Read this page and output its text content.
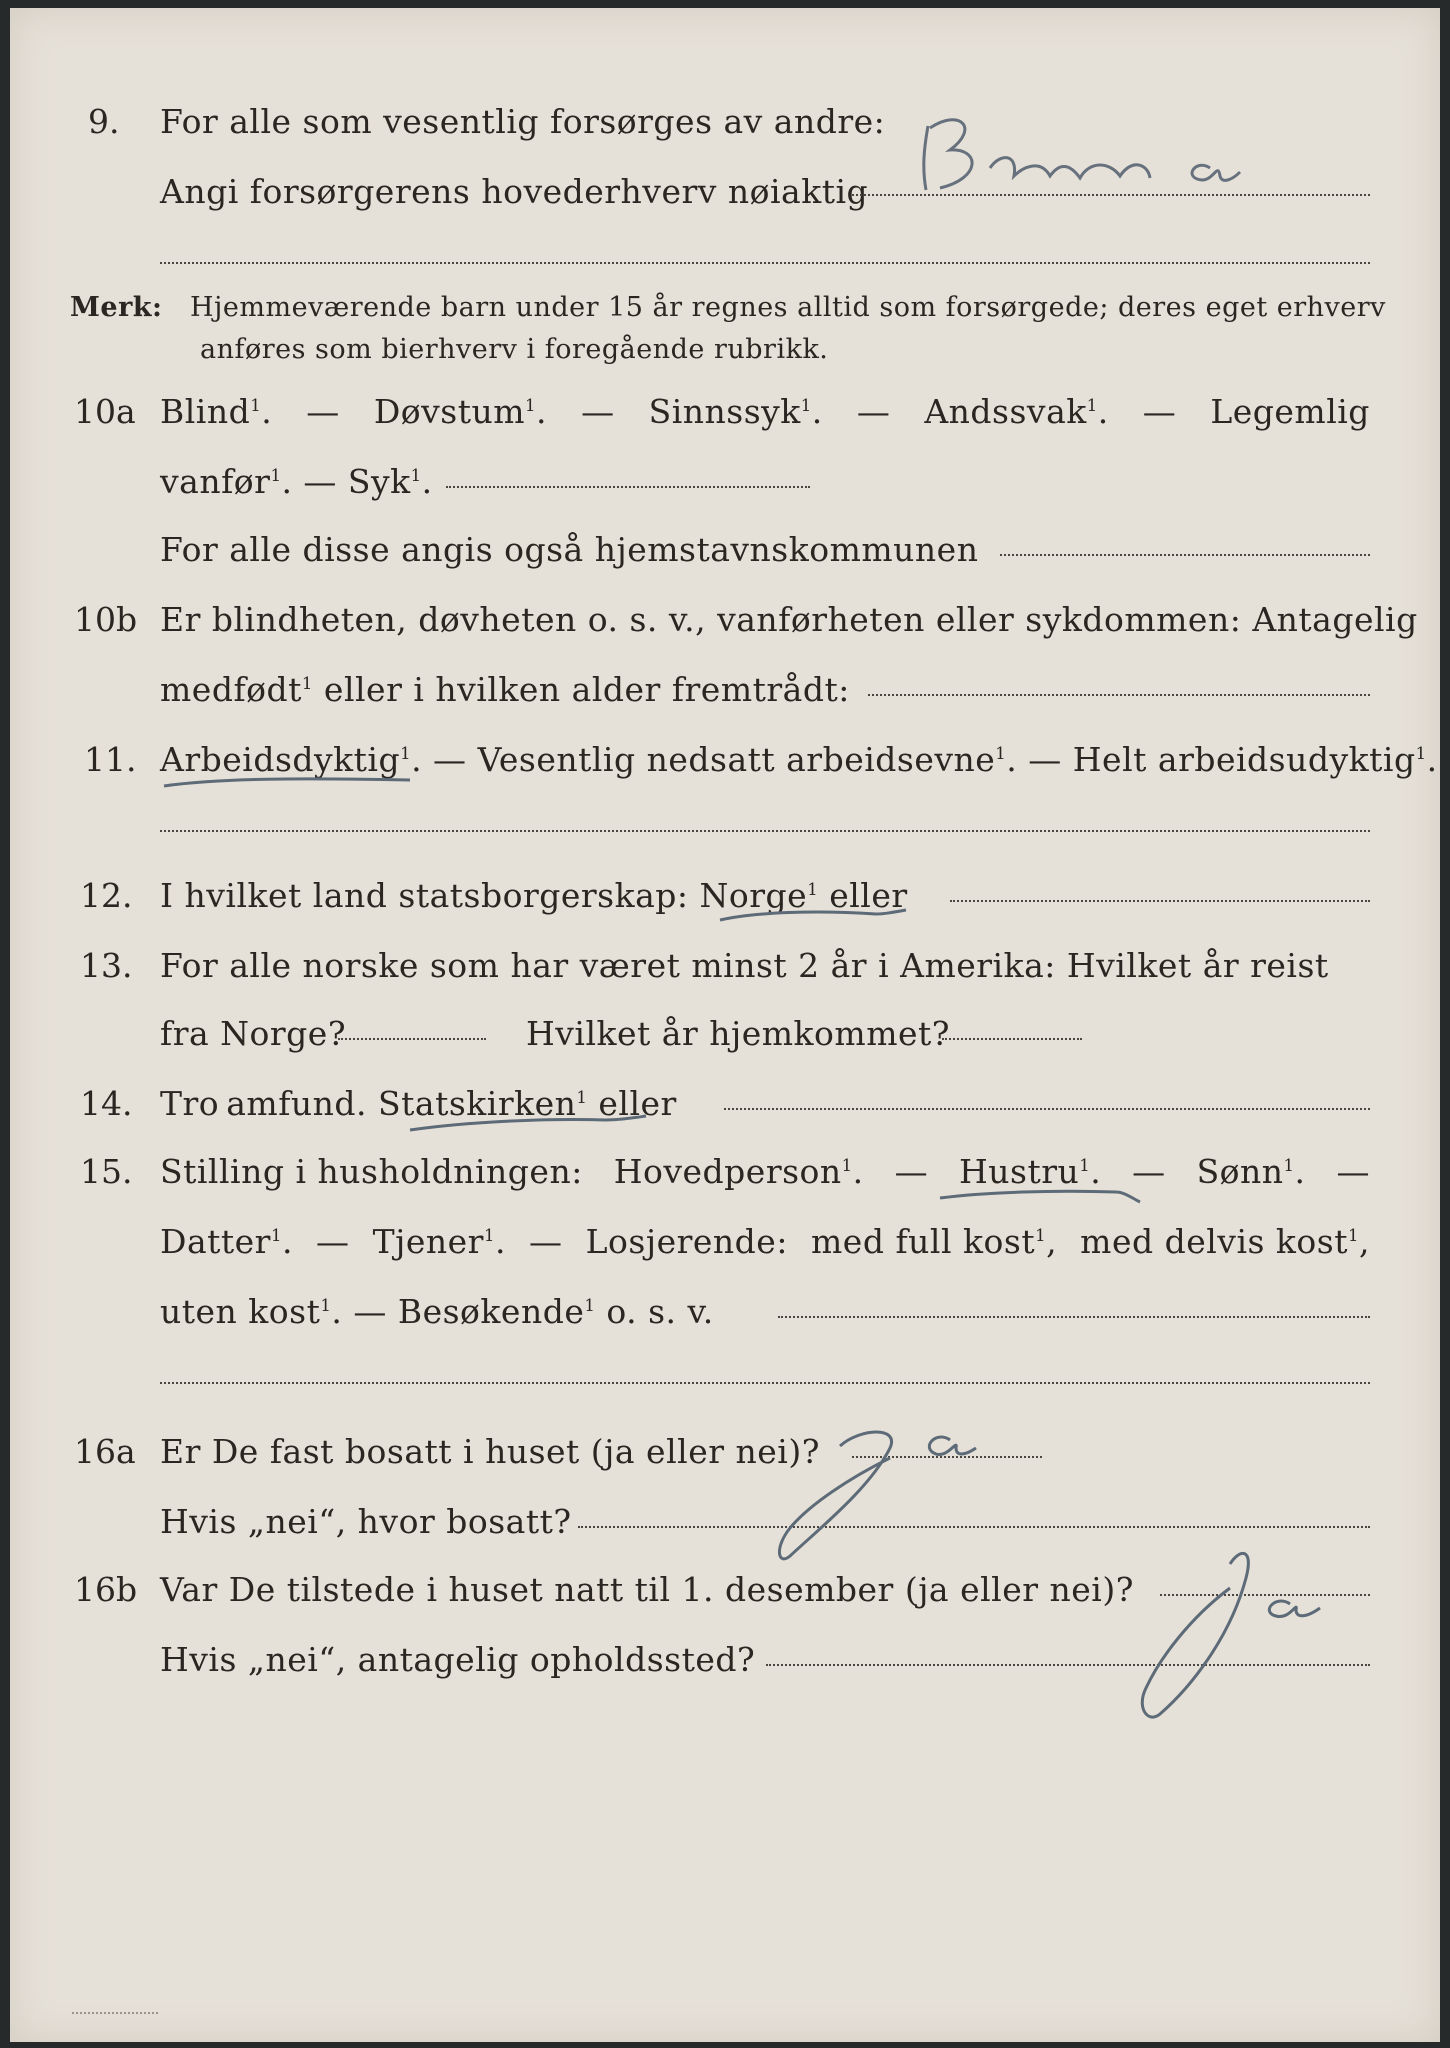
9. For alle som vesentlig forsørges av andre:
Angi forsørgerens hovederhverv nøiaktig
Merk: Hjemmeværende barn under 15 år regnes alltid som forsørgede; deres eget erhverv
anføres som bierhverv i foregående rubrikk.
10a Blind$^1$. — Døvstum$^1$. — Sinnssyk$^1$. — Andssvak$^1$. — Legemlig
vanfør$^1$. — Syk$^1$.
For alle disse angis også hjemstavnskommunen
10b Er blindheten, døvheten o. s. v., vanførheten eller sykdommen: Antagelig
medfødt$^1$ eller i hvilken alder fremtrådt:
11. Arbeidsdyktig$^1$. — Vesentlig nedsatt arbeidsevne$^1$. — Helt arbeidsudyktig$^1$.
12. I hvilket land statsborgerskap: Norge$^1$ eller
13. For alle norske som har været minst 2 år i Amerika: Hvilket år reist
fra Norge?	Hvilket år hjemkommet?
14. Tro amfund. Statskirken$^1$ eller
15. Stilling i husholdningen: Hovedperson$^1$. — Hustru$^1$. — Sønn$^1$. —
Datter$^1$. — Tjener$^1$. — Losjerende: med full kost$^1$, med delvis kost$^1$,
uten kost$^1$. — Besøkende$^1$ o. s. v.
16a Er De fast bosatt i huset (ja eller nei)?
Hvis „nei“, hvor bosatt?
16b Var De tilstede i huset natt til 1. desember (ja eller nei)?
Hvis „nei“, antagelig opholdssted?
